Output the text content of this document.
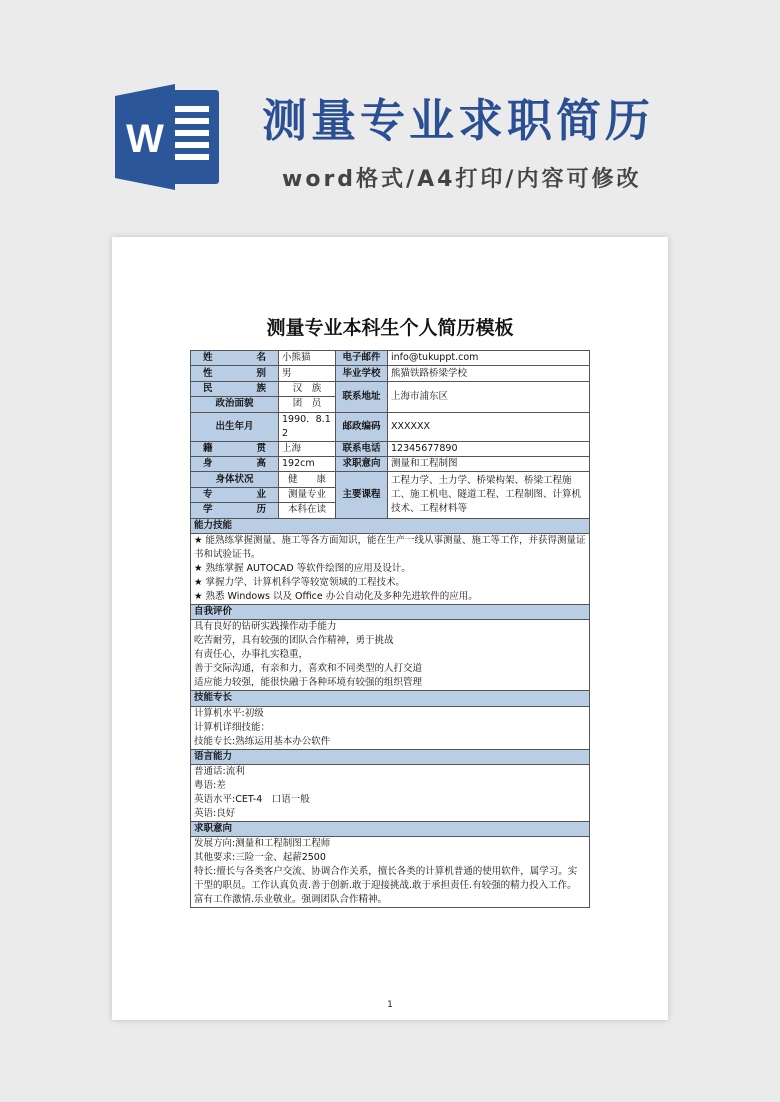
W 测量专业求职简历
word格式/A4打印/内容可修改
测量专业本科生个人简历模板
姓　　名	小熊猫	电子邮件	info@tukuppt.com
性　　别	男	毕业学校	熊猫铁路桥梁学校
民　　族	汉　族	联系地址	上海市浦东区
政治面貌	团　员		
出生年月	1990．8.12	邮政编码	XXXXXX
籍　　贯	上海	联系电话	12345677890
身　　高	192cm	求职意向	测量和工程制图
身体状况	健　　康	主要课程	工程力学、土力学、桥梁构架、桥梁工程施工、施工机电、隧道工程、工程制图、计算机技术、工程材料等
专　　业	测量专业		
学　　历	本科在读		
能力技能			

★ 能熟练掌握测量、施工等各方面知识，能在生产一线从事测量、施工等工作，并获得测量证书和试验证书。
★ 熟练掌握 AUTOCAD 等软件绘图的应用及设计。
★ 掌握力学、计算机科学等较宽领域的工程技术。
★ 熟悉 Windows 以及 Office 办公自动化及多种先进软件的应用。			

自我评价			

具有良好的钻研实践操作动手能力
吃苦耐劳，具有较强的团队合作精神，勇于挑战
有责任心，办事扎实稳重，
善于交际沟通，有亲和力，喜欢和不同类型的人打交道
适应能力较强，能很快融于各种环境有较强的组织管理			

技能专长			

计算机水平:初级
计算机详细技能：
技能专长:熟练运用基本办公软件			

语言能力			

普通话:流利
粤语:差
英语水平:CET-4　口语一般
英语:良好			

求职意向			

发展方向:测量和工程制图工程师
其他要求:三险一金、起薪2500
特长:擅长与各类客户交流、协调合作关系，擅长各类的计算机普通的使用软件，属学习。实干型的职员。工作认真负责.善于创新.敢于迎接挑战.敢于承担责任.有较强的精力投入工作。富有工作激情.乐业敬业。强调团队合作精神。			
1
